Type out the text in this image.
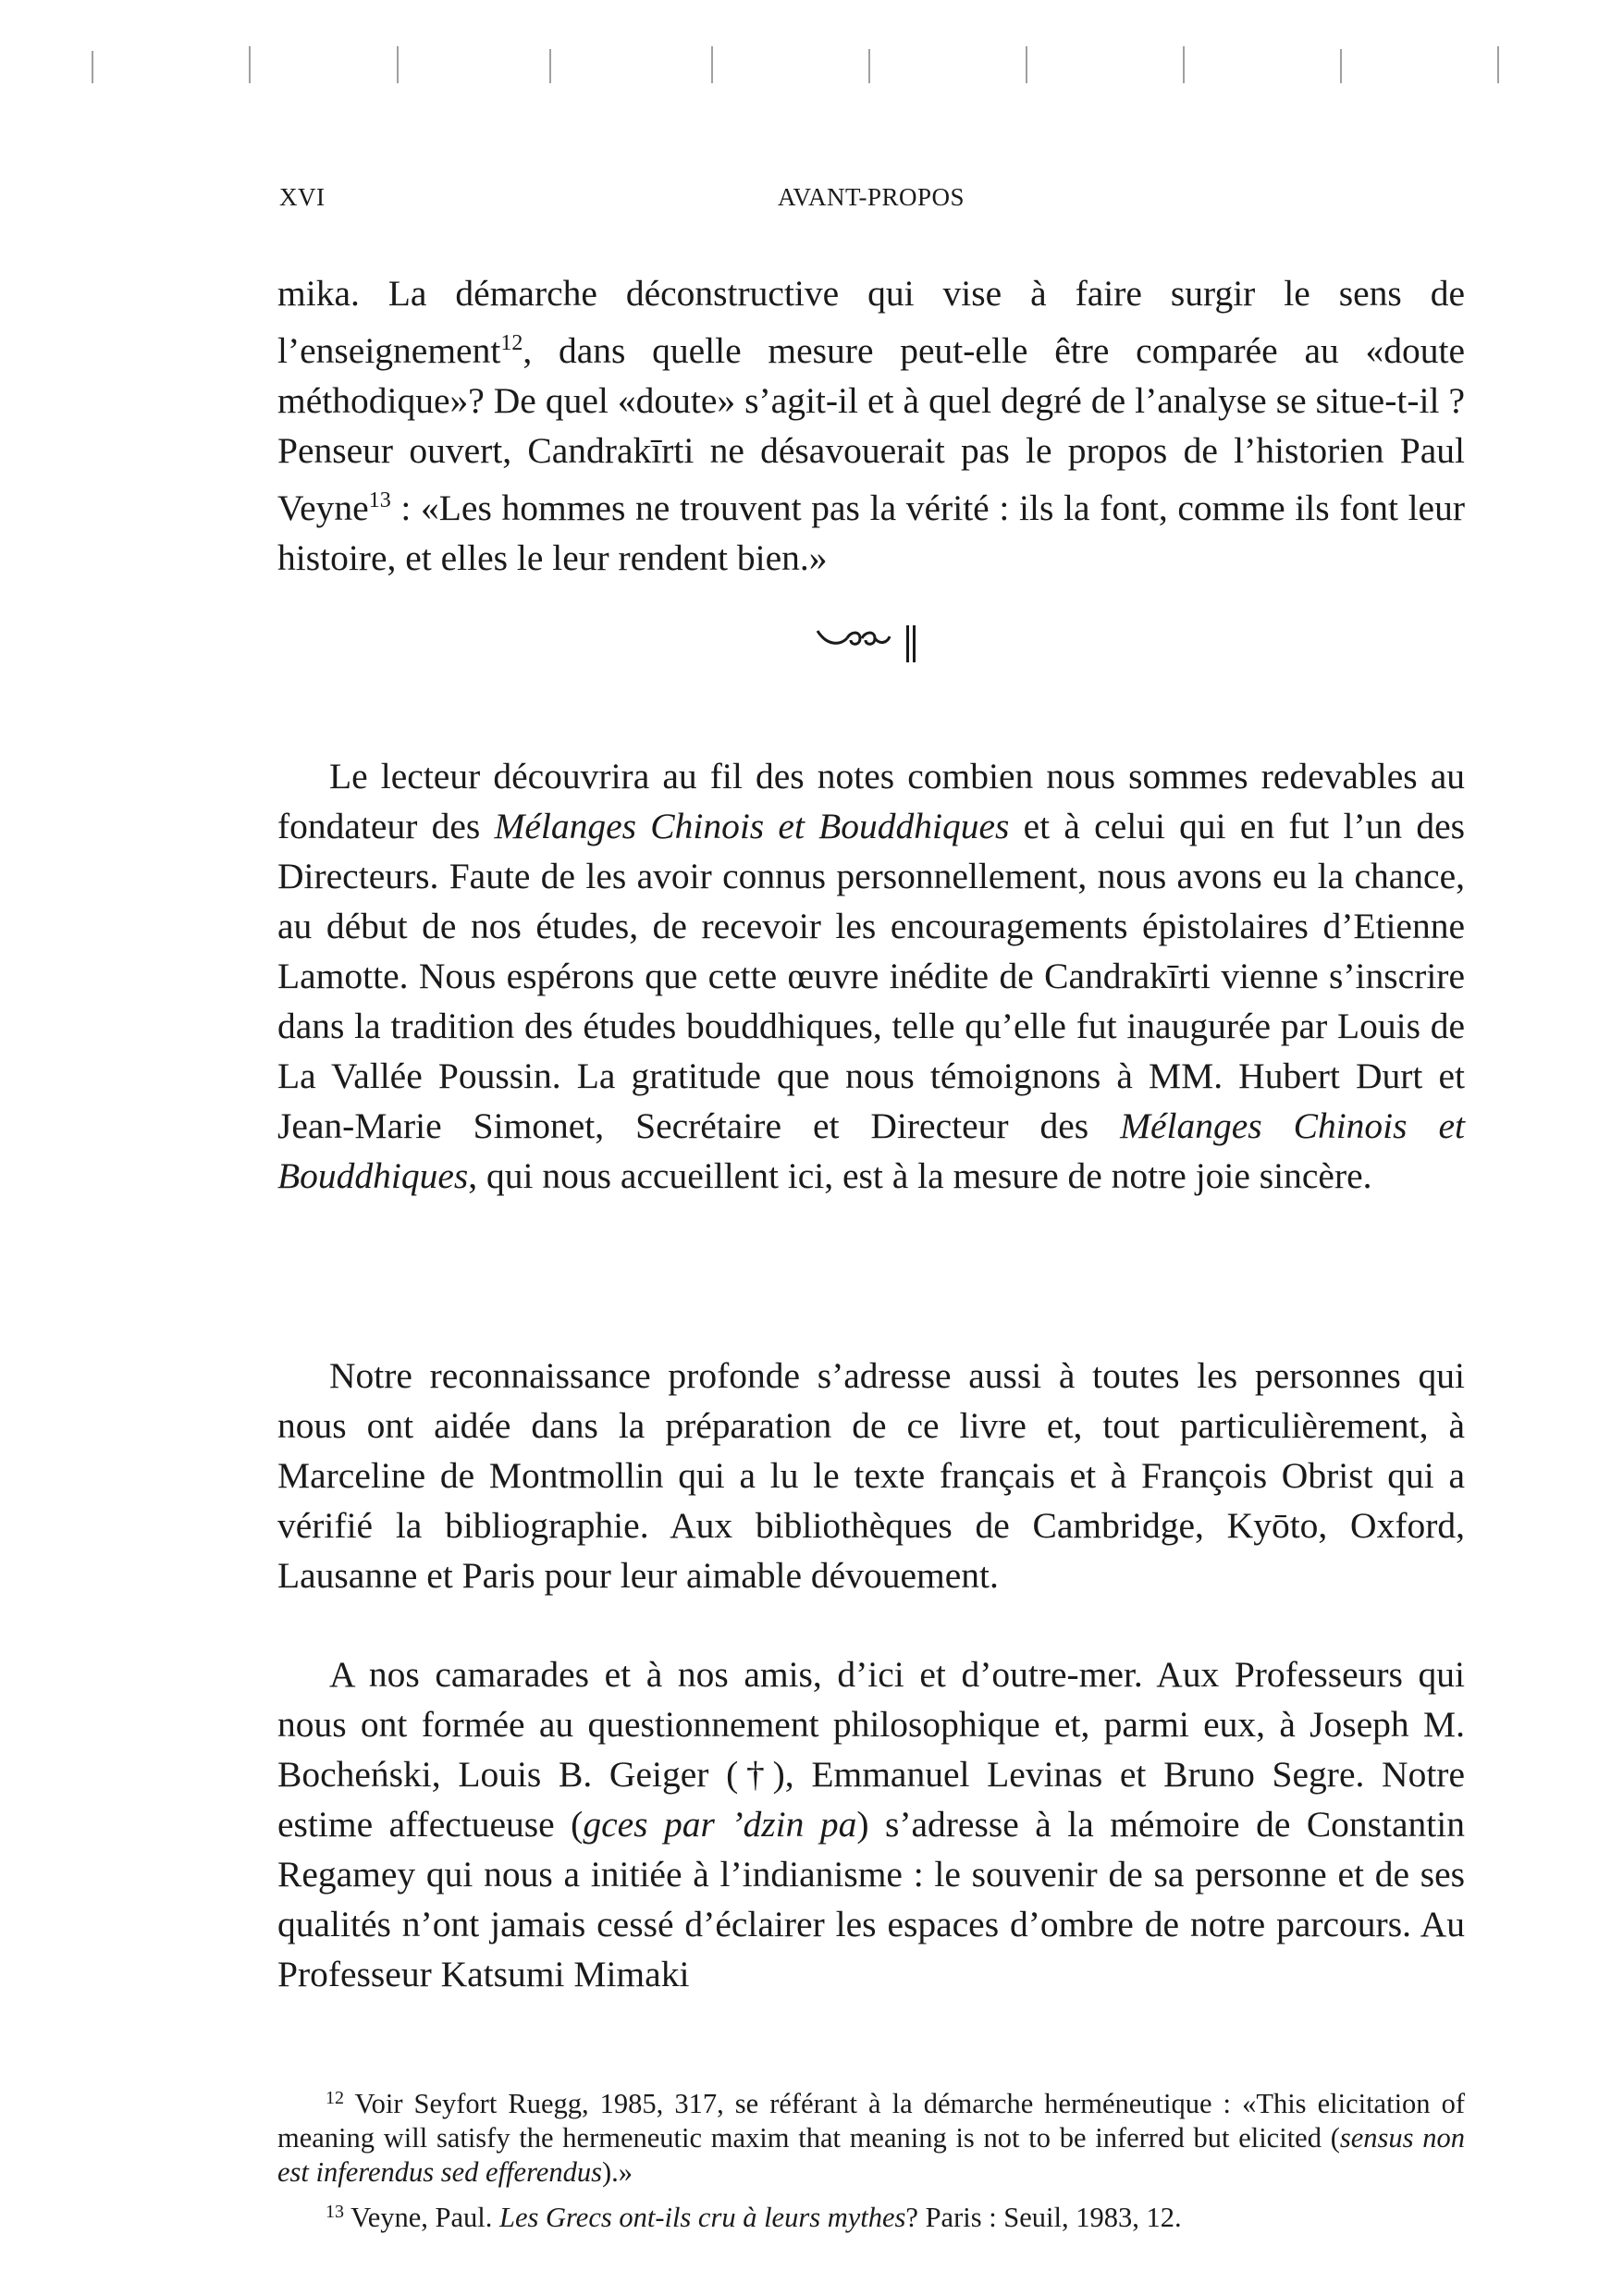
XVI	AVANT-PROPOS

mika. La démarche déconstructive qui vise à faire surgir le sens de l’enseignement$^{12}$, dans quelle mesure peut-elle être comparée au «doute méthodique»? De quel «doute» s’agit-il et à quel degré de l’analyse se situe-t-il ? Penseur ouvert, Candrakīrti ne désavouerait pas le propos de l’historien Paul Veyne$^{13}$ : «Les hommes ne trouvent pas la vérité : ils la font, comme ils font leur histoire, et elles le leur rendent bien.»

Le lecteur découvrira au fil des notes combien nous sommes redevables au fondateur des Mélanges Chinois et Bouddhiques et à celui qui en fut l’un des Directeurs. Faute de les avoir connus personnellement, nous avons eu la chance, au début de nos études, de recevoir les encouragements épistolaires d’Etienne Lamotte. Nous espérons que cette œuvre inédite de Candrakīrti vienne s’inscrire dans la tradition des études bouddhiques, telle qu’elle fut inaugurée par Louis de La Vallée Poussin. La gratitude que nous témoignons à MM. Hubert Durt et Jean-Marie Simonet, Secrétaire et Directeur des Mélanges Chinois et Bouddhiques, qui nous accueillent ici, est à la mesure de notre joie sincère.

Notre reconnaissance profonde s’adresse aussi à toutes les personnes qui nous ont aidée dans la préparation de ce livre et, tout particulièrement, à Marceline de Montmollin qui a lu le texte français et à François Obrist qui a vérifié la bibliographie. Aux bibliothèques de Cambridge, Kyōto, Oxford, Lausanne et Paris pour leur aimable dévouement.

A nos camarades et à nos amis, d’ici et d’outre-mer. Aux Professeurs qui nous ont formée au questionnement philosophique et, parmi eux, à Joseph M. Bocheński, Louis B. Geiger (†), Emmanuel Levinas et Bruno Segre. Notre estime affectueuse (gces par ’dzin pa) s’adresse à la mémoire de Constantin Regamey qui nous a initiée à l’indianisme : le souvenir de sa personne et de ses qualités n’ont jamais cessé d’éclairer les espaces d’ombre de notre parcours. Au Professeur Katsumi Mimaki

$^{12}$ Voir Seyfort Ruegg, 1985, 317, se référant à la démarche herméneutique : «This elicitation of meaning will satisfy the hermeneutic maxim that meaning is not to be inferred but elicited (sensus non est inferendus sed efferendus).»

$^{13}$ Veyne, Paul. Les Grecs ont-ils cru à leurs mythes? Paris : Seuil, 1983, 12.
